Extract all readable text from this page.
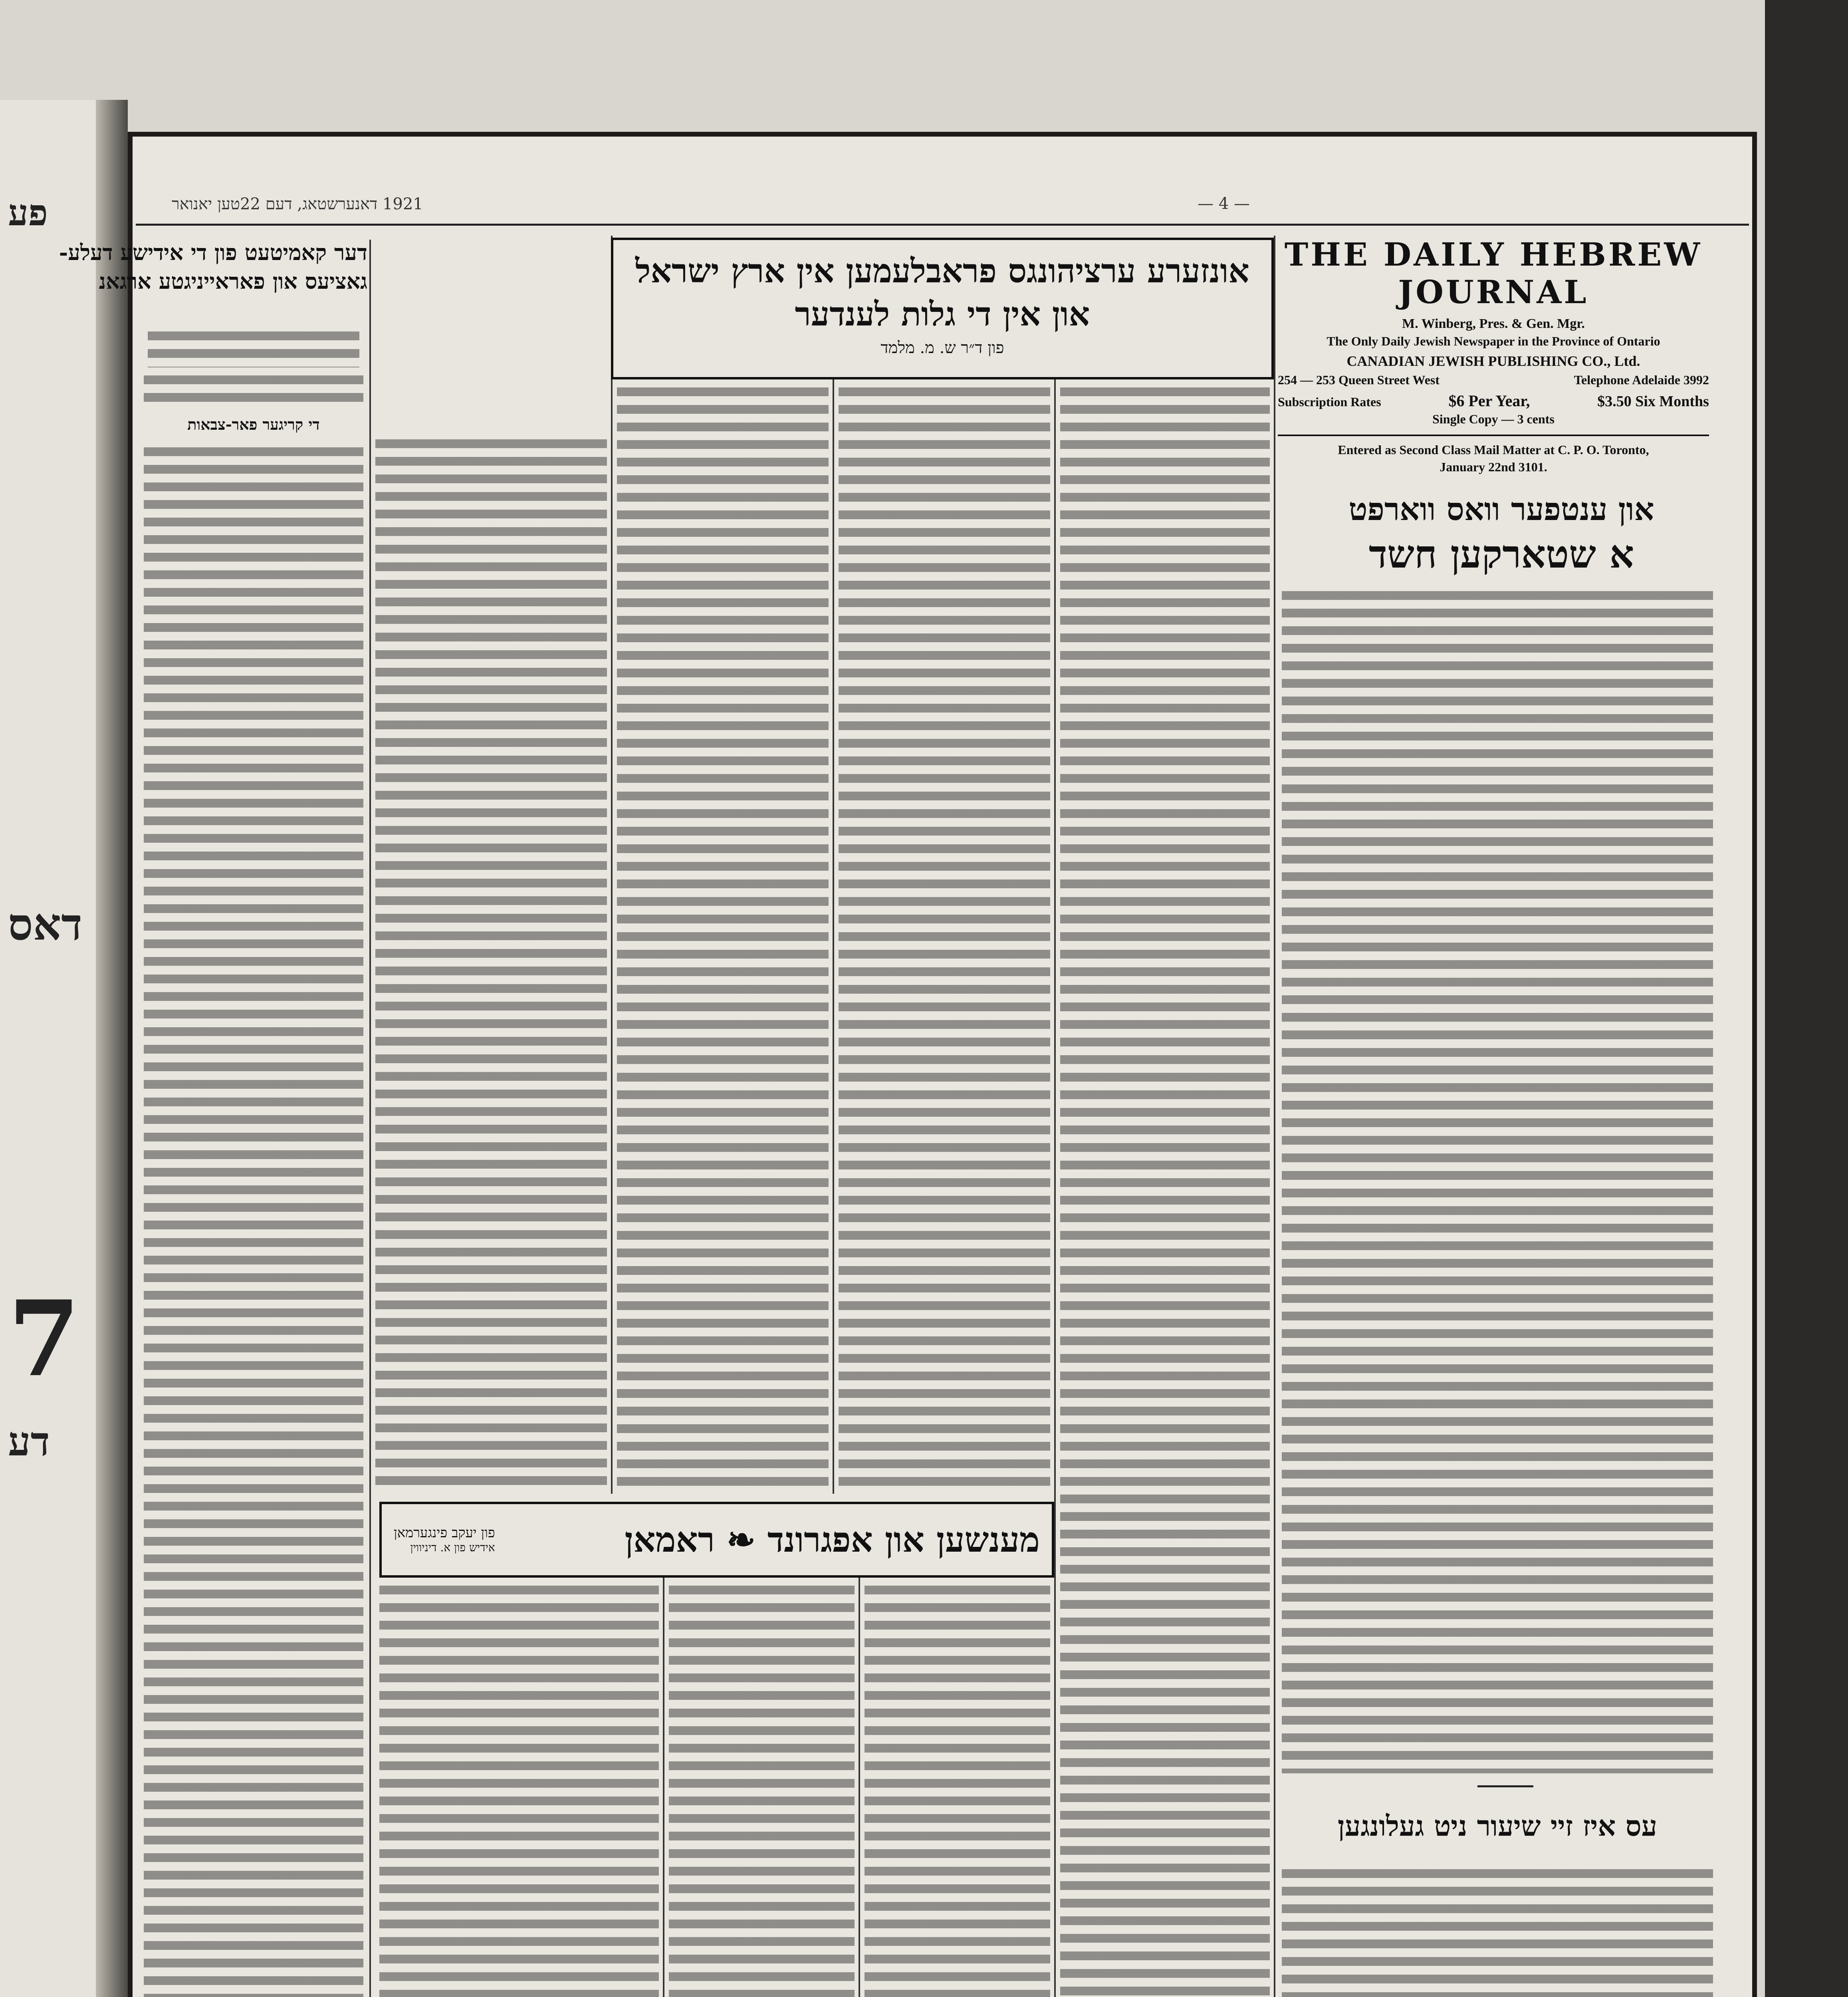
פע
דאס
7
דע
— 4 —
1921 דאנערשטאג, דעם 22טען יאנואר
THE DAILY HEBREW JOURNAL
M. Winberg, Pres. & Gen. Mgr.
The Only Daily Jewish Newspaper in the Province of Ontario
CANADIAN JEWISH PUBLISHING CO., Ltd.
254 — 253 Queen Street West	Telephone Adelaide 3992
Subscription Rates	$6 Per Year,	$3.50 Six Months
Single Copy — 3 cents
Entered as Second Class Mail Matter at C. P. O. Toronto,
January 22nd 3101.
דער קאמיטעט פון די אידישע דעלע-
גאציעס און פאראייניגטע ארגאנ
די קריגער פאר-צבאות
אונזערע ערציהונגס פראבלעמען אין ארץ ישראל
און אין די גלות לענדער
פון ד״ר ש. מ. מלמד
פון יעקב פינגערמאן
אידיש פון א. דיניווין	מענשען און אפגרונד ❧ ראמאן
און ענטפער וואס ווארפט
א שטארקען חשד
עס איז זיי שיעור ניט געלונגען
